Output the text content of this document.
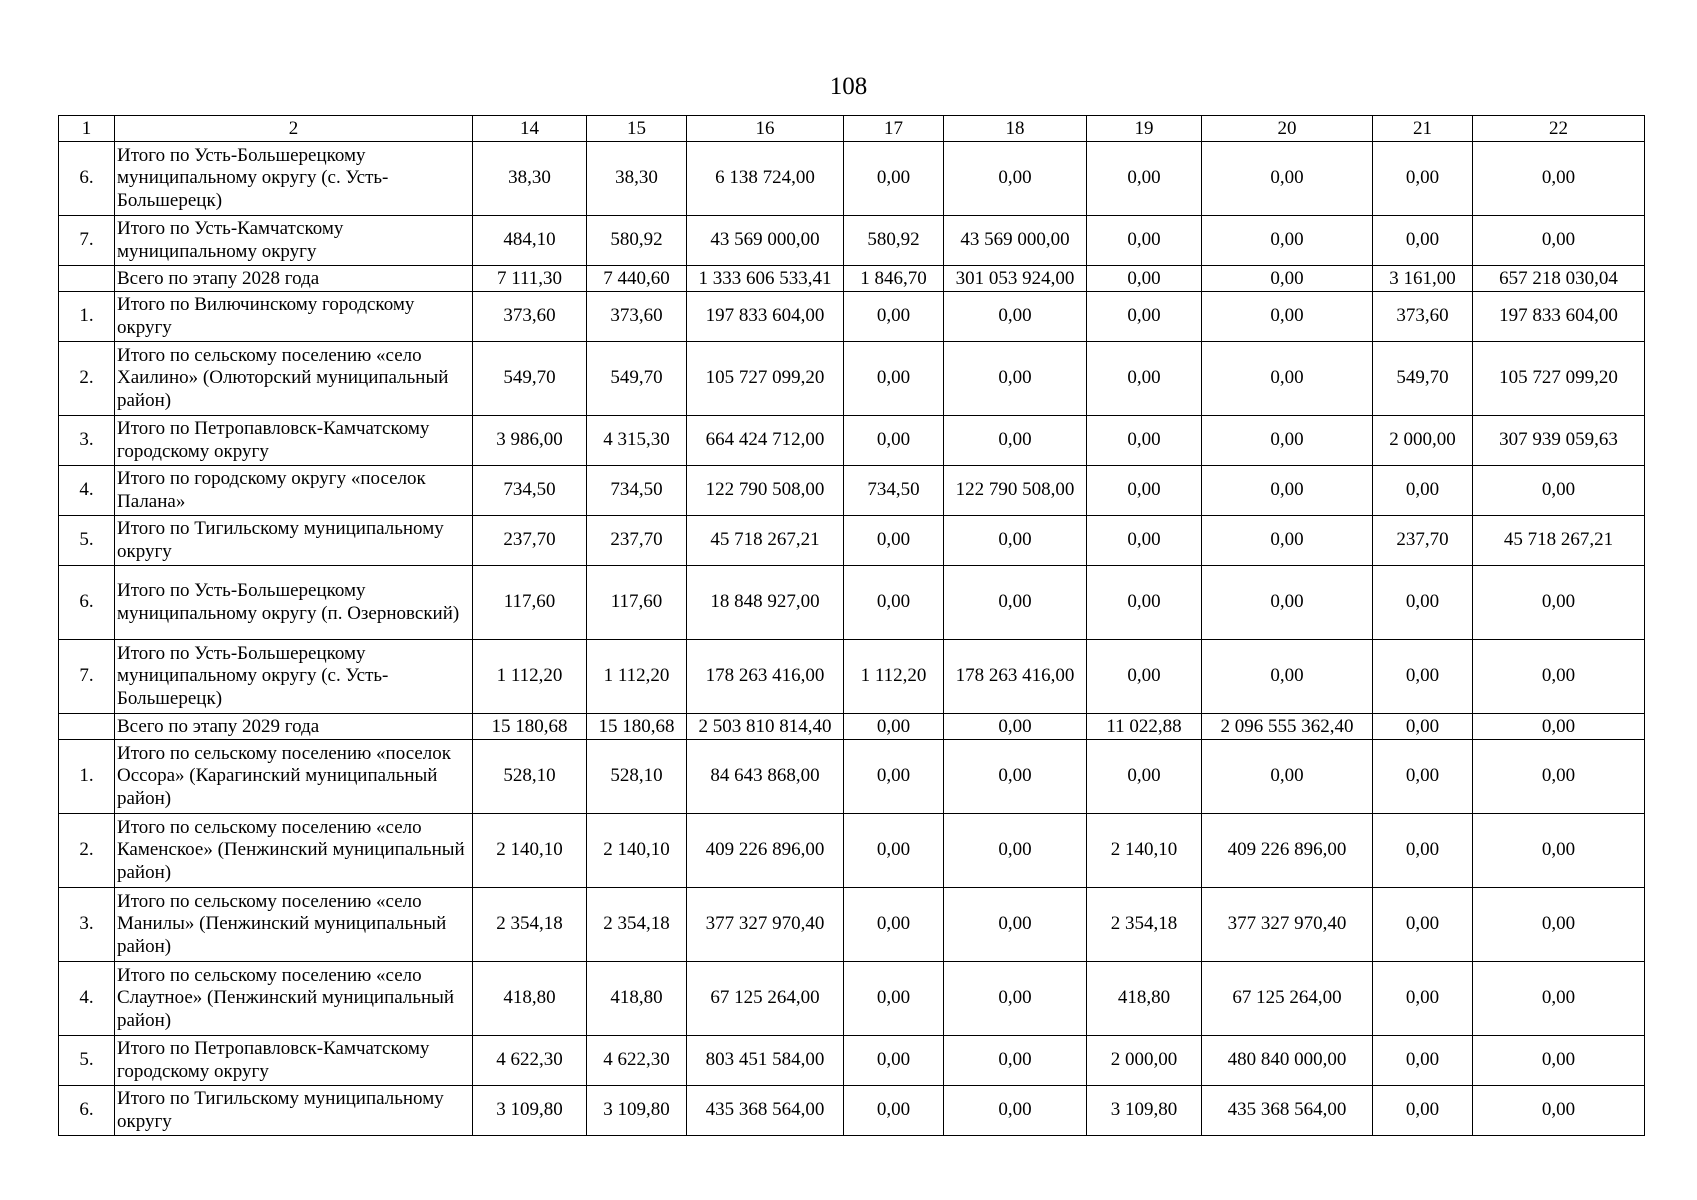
108
1	2	14	15	16	17	18	19	20	21	22
6.	Итого по Усть-Большерецкому муниципальному округу (с. Усть-Большерецк)	38,30	38,30	6 138 724,00	0,00	0,00	0,00	0,00	0,00	0,00
7.	Итого по Усть-Камчатскому муниципальному округу	484,10	580,92	43 569 000,00	580,92	43 569 000,00	0,00	0,00	0,00	0,00
	Всего по этапу 2028 года	7 111,30	7 440,60	1 333 606 533,41	1 846,70	301 053 924,00	0,00	0,00	3 161,00	657 218 030,04
1.	Итого по Вилючинскому городскому округу	373,60	373,60	197 833 604,00	0,00	0,00	0,00	0,00	373,60	197 833 604,00
2.	Итого по сельскому поселению «село Хаилино» (Олюторский муниципальный район)	549,70	549,70	105 727 099,20	0,00	0,00	0,00	0,00	549,70	105 727 099,20
3.	Итого по Петропавловск-Камчатскому городскому округу	3 986,00	4 315,30	664 424 712,00	0,00	0,00	0,00	0,00	2 000,00	307 939 059,63
4.	Итого по городскому округу «поселок Палана»	734,50	734,50	122 790 508,00	734,50	122 790 508,00	0,00	0,00	0,00	0,00
5.	Итого по Тигильскому муниципальному округу	237,70	237,70	45 718 267,21	0,00	0,00	0,00	0,00	237,70	45 718 267,21
6.	Итого по Усть-Большерецкому муниципальному округу (п. Озерновский)	117,60	117,60	18 848 927,00	0,00	0,00	0,00	0,00	0,00	0,00
7.	Итого по Усть-Большерецкому муниципальному округу (с. Усть-Большерецк)	1 112,20	1 112,20	178 263 416,00	1 112,20	178 263 416,00	0,00	0,00	0,00	0,00
	Всего по этапу 2029 года	15 180,68	15 180,68	2 503 810 814,40	0,00	0,00	11 022,88	2 096 555 362,40	0,00	0,00
1.	Итого по сельскому поселению «поселок Оссора» (Карагинский муниципальный район)	528,10	528,10	84 643 868,00	0,00	0,00	0,00	0,00	0,00	0,00
2.	Итого по сельскому поселению «село Каменское» (Пенжинский муниципальный район)	2 140,10	2 140,10	409 226 896,00	0,00	0,00	2 140,10	409 226 896,00	0,00	0,00
3.	Итого по сельскому поселению «село Манилы» (Пенжинский муниципальный район)	2 354,18	2 354,18	377 327 970,40	0,00	0,00	2 354,18	377 327 970,40	0,00	0,00
4.	Итого по сельскому поселению «село Слаутное» (Пенжинский муниципальный район)	418,80	418,80	67 125 264,00	0,00	0,00	418,80	67 125 264,00	0,00	0,00
5.	Итого по Петропавловск-Камчатскому городскому округу	4 622,30	4 622,30	803 451 584,00	0,00	0,00	2 000,00	480 840 000,00	0,00	0,00
6.	Итого по Тигильскому муниципальному округу	3 109,80	3 109,80	435 368 564,00	0,00	0,00	3 109,80	435 368 564,00	0,00	0,00
